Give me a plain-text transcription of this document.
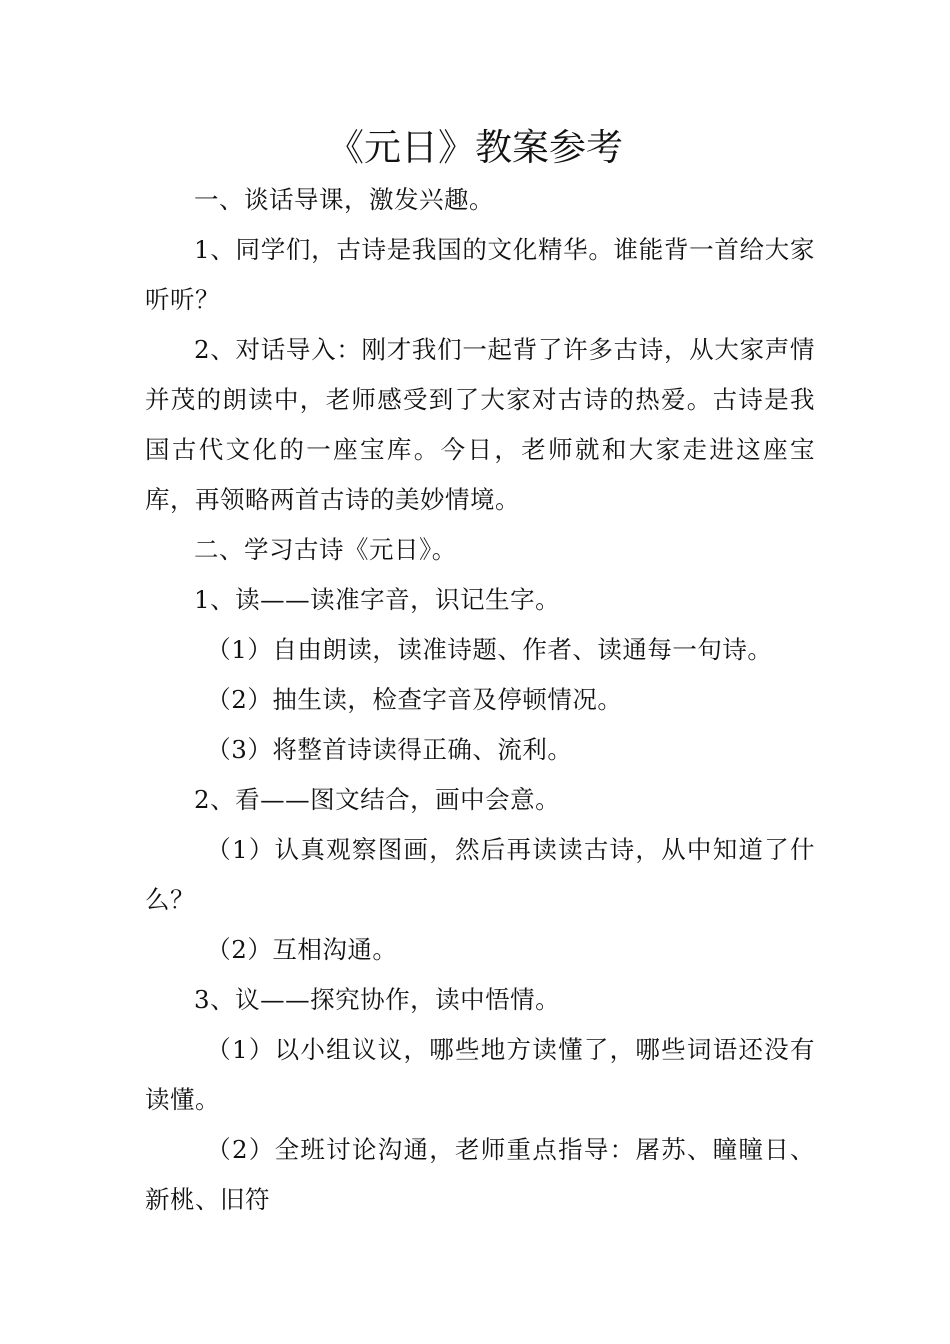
《元日》教案参考

一、谈话导课，激发兴趣。

1、同学们，古诗是我国的文化精华。谁能背一首给大家听听？

2、对话导入：刚才我们一起背了许多古诗，从大家声情并茂的朗读中，老师感受到了大家对古诗的热爱。古诗是我国古代文化的一座宝库。今日，老师就和大家走进这座宝库，再领略两首古诗的美妙情境。

二、学习古诗《元日》。

1、读——读准字音，识记生字。

（1）自由朗读，读准诗题、作者、读通每一句诗。

（2）抽生读，检查字音及停顿情况。

（3）将整首诗读得正确、流利。

2、看——图文结合，画中会意。

（1）认真观察图画，然后再读读古诗，从中知道了什么？

（2）互相沟通。

3、议——探究协作，读中悟情。

（1）以小组议议，哪些地方读懂了，哪些词语还没有读懂。

（2）全班讨论沟通，老师重点指导：屠苏、瞳瞳日、新桃、旧符
